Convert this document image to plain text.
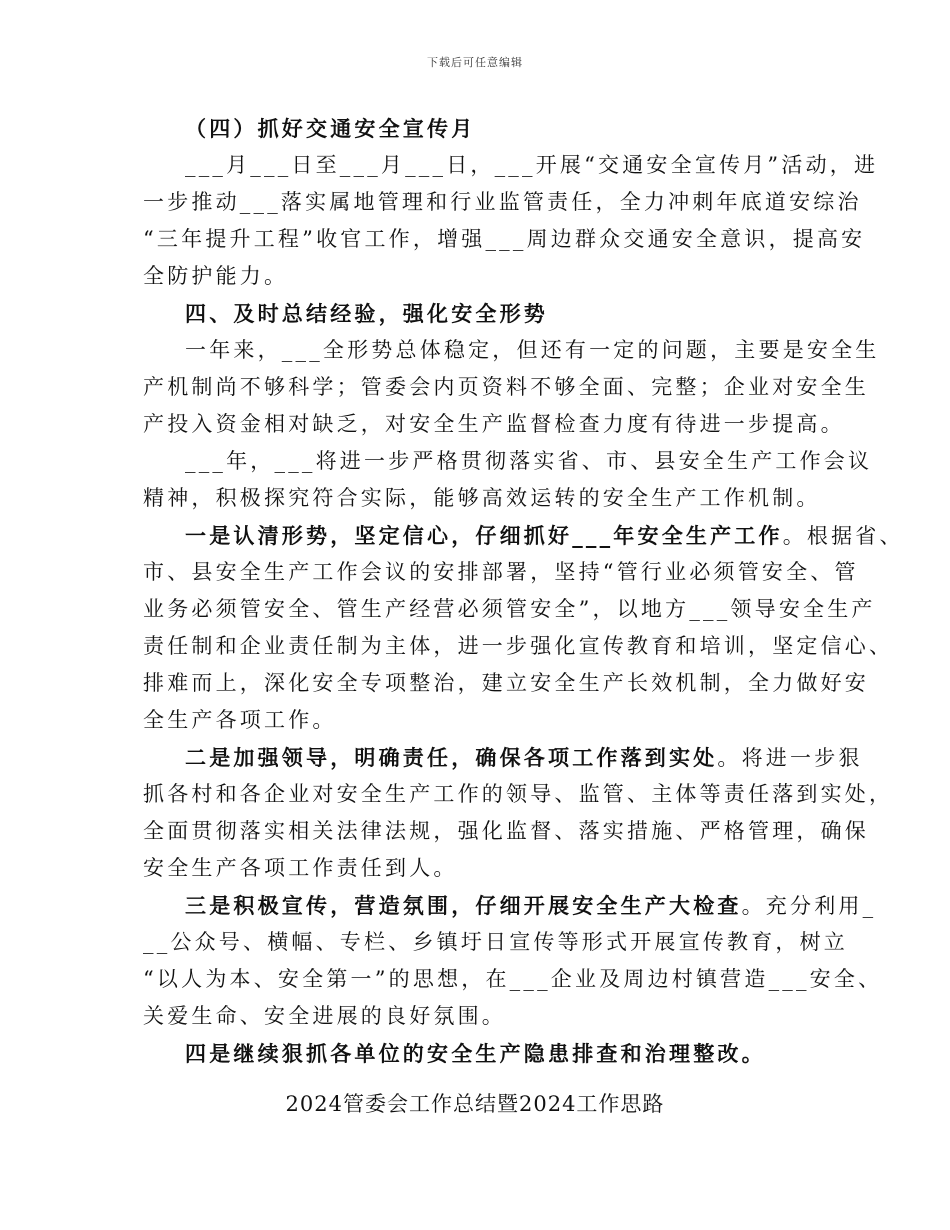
下载后可任意编辑
（四）抓好交通安全宣传月
___月___日至___月___日，___开展“交通安全宣传月”活动，进
一步推动___落实属地管理和行业监管责任，全力冲刺年底道安综治
“三年提升工程”收官工作，增强___周边群众交通安全意识，提高安
全防护能力。
四、及时总结经验，强化安全形势
一年来，___全形势总体稳定，但还有一定的问题，主要是安全生
产机制尚不够科学；管委会内页资料不够全面、完整；企业对安全生
产投入资金相对缺乏，对安全生产监督检查力度有待进一步提高。
___年，___将进一步严格贯彻落实省、市、县安全生产工作会议
精神，积极探究符合实际，能够高效运转的安全生产工作机制。
一是认清形势，坚定信心，仔细抓好___年安全生产工作。根据省、
市、县安全生产工作会议的安排部署，坚持“管行业必须管安全、管
业务必须管安全、管生产经营必须管安全”，以地方___领导安全生产
责任制和企业责任制为主体，进一步强化宣传教育和培训，坚定信心、
排难而上，深化安全专项整治，建立安全生产长效机制，全力做好安
全生产各项工作。
二是加强领导，明确责任，确保各项工作落到实处。将进一步狠
抓各村和各企业对安全生产工作的领导、监管、主体等责任落到实处，
全面贯彻落实相关法律法规，强化监督、落实措施、严格管理，确保
安全生产各项工作责任到人。
三是积极宣传，营造氛围，仔细开展安全生产大检查。充分利用_
__公众号、横幅、专栏、乡镇圩日宣传等形式开展宣传教育，树立
“以人为本、安全第一”的思想，在___企业及周边村镇营造___安全、
关爱生命、安全进展的良好氛围。
四是继续狠抓各单位的安全生产隐患排查和治理整改。
2024管委会工作总结暨2024工作思路
